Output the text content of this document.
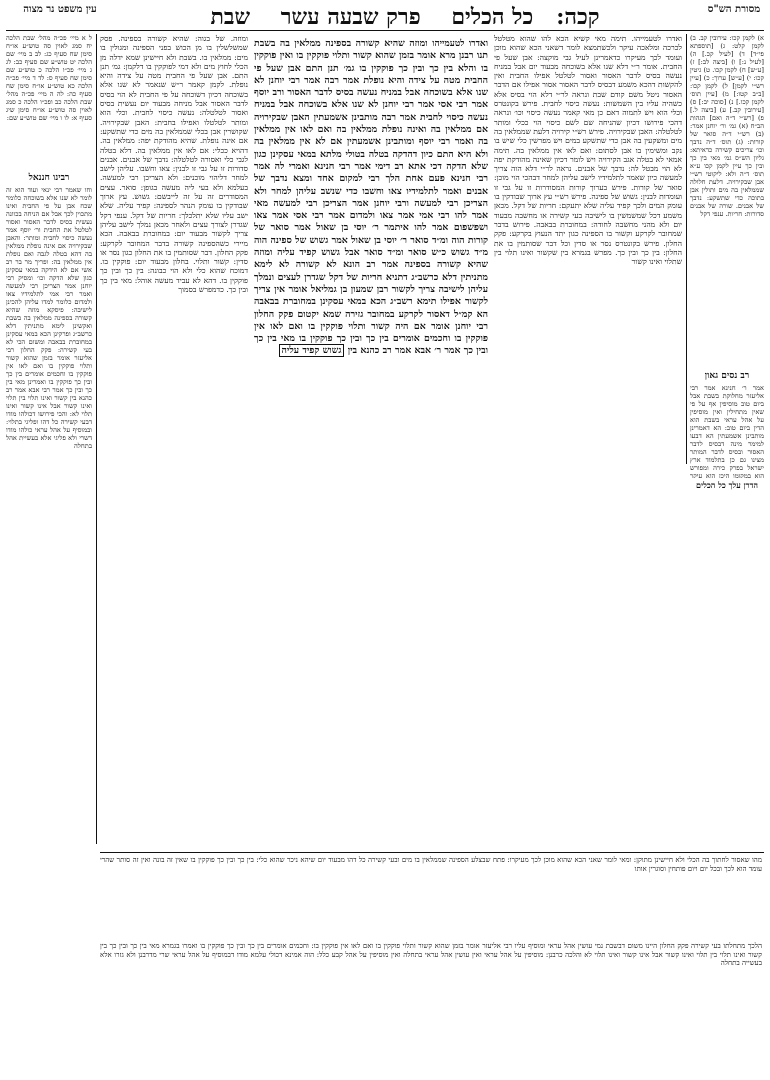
מסורת הש"ס
קכה:   כל הכלים    פרק שבעה עשר    שבת
עין משפט נר מצוה
א) לקמן קכו: עירובין קב. ב) לקמן קלט: ג) [תוספתא פי״ד] ד) [לעיל קכ.] ה) [לעיל נ:] ו) [ביצה לב:] ז) [ע״ש] ח) לקמן קכו. ט) גיטין קכו: י) [ע״ש] ערוך: כ) [עיין רש״י לקמן] ל) לקמן קכו: [ב״ב קטו:] מ) [עיין תוס׳ לקמן קכו.] נ) [סוכה יב:] ס) [עירובין קב.] ע) [ביצה ל.] פ) [רש״י ד״ה ואם] הגהות הב״ח (א) גמ׳ ור׳ יוחנן אמר: (ב) רש״י ד״ה סואר של קורות: (ג) תוס׳ ד״ה נדבך וכו׳ צריכים קשירה כדאיתא: גליון הש״ס גמ׳ מאי בין כך ובין כך עיין לקמן קכו ע״א תוס׳ ד״ה ולא: ליקוטי רש״י אבן שבקירויה. דלעת חלולה שממלאין בה מים ותולין אבן בתוכה כדי שתשקע: נדבך של אבנים. שורה של אבנים סדורות: חריות. ענפי דקל
רב נסים גאון
אמר ר׳ חנינא אמר רבי אליעזר מחלוקת בשבת אבל ביום טוב מוסיפין אף על פי שאין מתחילין ואין מוסיפין על אהל עראי בשבת הוא הדין ביום טוב: הא דאמרינן מותבינן אשמעתין הא דבעו למימר מינה דבסיס לדבר האסור ובסיס לדבר המותר מצינו גם כן בתלמוד ארץ ישראל בפרק כירה ומפורש הוא במקומו היכן הוא עיקר
ואדרו לטעמייהו. תימה מאי קשיא הכא להו שהוא מטלטל לכרכה ומלאכה עיקר ולכשתמצא לומר דשאני הכא שהוא מוכן ועומד לכך מעיקרו כדאמרינן לעיל גבי מוקצה: אבן שעל פי החבית. אומר ר״י דלא שנו אלא בשוכחה מבעוד יום אבל במניח נעשה בסיס לדבר האסור ואסור לטלטל אפילו החבית ואין להקשות דהכא משמע דבסיס לדבר האסור אסור אפילו אם הדבר האסור ניטל משם קודם שבת ונראה לר״י דלא הוי בסיס אלא כשהיה עליו בין השמשות: נעשה כיסוי לחבית. פירש בקונטרס וכלי הוא ויש לתמוה דאם כן מאי קאמר נעשה כיסוי וכו׳ ונראה דהכי פירושו דכיון שהניחה שם לשם כיסוי הוי ככלי ומותר לטלטלה: האבן שבקירויה. פירש רש״י קירויה דלעת שממלאין בה מים ומשקעין בה אבן כדי שתשקע במים ויש מפרשין כלי שיש בו נקב ומשימין בו אבן לסתום: ואם לאו אין ממלאין בה. תימה אמאי לא בטלה אגב הקירויה ויש לומר דכיון שאינה מהודקת יפה לא הוי מבטל לה: נדבך של אבנים. נראה לר״י דלא הוה צריך למעשה כיון שאמר לתלמידיו לישב עליהן למחר דבהכי הוי מוכן: סואר של קורות. פירש בערוך קורות המסודרות זו על גבי זו ועומדות לבנין: גשוש של ספינה. פירש רש״י עץ ארוך שבודקין בו עומק המים ולכך קפיד עליה שלא יתעקם: חריות של דקל. מכאן משמע דכל שמשמשין בו לישיבה בעי קשירה או מחשבה מבעוד יום ולא מהני מחשבה לחודה: במחוברת בבאבה. פירוש בדבר שמחובר לקרקע וקשור בו הספינה כגון יתד הנעוץ בקרקע: פקק החלון. פירש בקונטרס נסר או סדין וכל דבר שסותמין בו את החלון: בין כך ובין כך. מפרש בגמרא בין שקשור ואינו תלוי בין שתלוי ואינו קשור
ואדרו לטעמייהו ומוזה שהיא קשורה בספינה ממלאין בה בשבת תנו רבנן מרא אומר בזמן שהוא קשור ותלוי פוקקין בו ואין פוקקין בו והלא בין כך ובין כך פוקקין בו גמ׳ תנן התם אבן שעל פי החבית מטה על צידה והיא נופלת אמר רבה אמר רבי יוחנן לא שנו אלא בשוכחה אבל במניח נעשה בסיס לדבר האסור ורב יוסף אמר רבי אסי אמר רבי יוחנן לא שנו אלא בשוכחה אבל במניח נעשה כיסוי לחבית אמר רבה מותבינן אשמעתין האבן שבקירויה אם ממלאין בה ואינה נופלת ממלאין בה ואם לאו אין ממלאין בה ואמר רבי יוסף ומותבינן אשמעתין אם לא אין ממלאין בה ולא היא התם כיון דהדקה בטלה בטולי מלתא במאי עסקינן כגון שלא הדקה דכי אתא רב דימי אמר רבי חנינא ואמרי לה אמר רבי חנינא פעם אחת הלך רבי למקום אחד ומצא נדבך של אבנים ואמר לתלמידיו צאו וחשבו כדי שנשב עליהן למחר ולא הצריכן רבי למעשה ורבי יוחנן אמר הצריכן רבי למעשה מאי אמר להו רבי אמי אמר צאו ולמדום אמר רבי אסי אמר צאו ושפשפום אמר להו איתמר ר׳ יוסי בן שאול אמר סואר של קורות הוה ומ״ד סואר ר׳ יוסי בן שאול אמר גשוש של ספינה הוה מ״ד גשוש כ״ש סואר ומ״ד סואר אבל גשוש קפיד עליה ומוזה שהיא קשורה בספינה אמר רב הונא לא קשורה לא לימא מתניתין דלא כרשב״ג דתניא חריות של דקל שגדרן לעצים ונמלך עליהן לישיבה צריך לקשור רבן שמעון בן גמליאל אומר אין צריך לקשור אפילו תימא רשב״ג הכא במאי עסקינן במחוברת בבאבה הא קמ״ל דאסור לקרקע במחובר גזירה שמא יקטום פקק החלון רבי יוחנן אומר אם היה קשור ותלוי פוקקין בו ואם לאו אין פוקקין בו וחכמים אומרים בין כך ובין כך פוקקין בו מאי בין כך ובין כך אמר ר׳ אבא אמר רב כהנא בין גשוש קפיד עליה
ומוזה. של בגוה: שהיא קשורה בספינה. פסק שמשלשלין בו מן הכוש בפני הספינה ומגולין בו מים: ממלאין בו. בשבת ולא חיישינן שמא ידלה מן הכלי לחוץ מים ולא דמי לפוקקין בו דלקמן: גמ׳ תנן התם. אבן שעל פי החבית מטה על צידה והיא נופלת. לקמן קאמר ר״ש שנאמר לא שנו אלא בשוכחה דכיון דשוכחה על פי החבית לא הוי בסיס לדבר האסור אבל מניחה מבעוד יום נעשית בסיס ואסור לטלטלה: נעשה כיסוי לחבית. וכלי הוא ומותר לטלטלו ואפילו בחבית: האבן שבקירויה. שקושרין אבן בכלי שממלאין בה מים כדי שתשקע: אם אינה נופלת. שהיא מהודקת יפה: ממלאין בה. דהויא ככלי: אם לאו אין ממלאין בה. דלא בטלה לגבי כלי ואסורה לטלטלה: נדבך של אבנים. אבנים סדורות זו על גבי זו לבנין: צאו וחשבו. עליהן לישב למחר דליהוי מוכנים: ולא הצריכן רבי למעשה. בעלמא ולא בעי ליה מעשה בגופן: סואר. עצים המסודרים זה על זה לייבשם: גשוש. עץ ארוך שבודקין בו עומק הנהר לספינה: קפיד עליה. שלא ישב עליו שלא יתלכלך: חריות של דקל. ענפי דקל שגדרן לצורך עצים ולאחר מכאן נמלך לישב עליהן צריך לקשור מבעוד יום: במחוברת בבאבה. הכא מיירי כשהספינה קשורה בדבר המחובר לקרקע: פקק החלון. דבר שסותמין בו את החלון כגון נסר או סדין: קשור ותלוי. בחלון מבעוד יום: פוקקין בו. דמוכח שהוא כלי ולא הוי כבונה: בין כך ובין כך פוקקין בו. דהא לא עביד מעשה אוהל: מאי בין כך ובין כך. כדמפרש בסמוך
ל א מיי׳ פכ״ה מהל׳ שבת הלכה יח סמג לאוין סה טוש״ע או״ח סימן שח סעיף כג: לב ב מיי׳ שם הלכה יט טוש״ע שם סעיף כב: לג ג מיי׳ פכ״ו הלכה כ טוש״ע שם סימן שח סעיף ס: לד ד מיי׳ פכ״ה הלכה כא טוש״ע או״ח סימן שח סעיף כה: לה ה מיי׳ פכ״ה מהל׳ שבת הלכה כב ופכ״ו הלכה כ סמג לאוין סה טוש״ע או״ח סימן שיג סעיף א: לו ו מיי׳ שם טוש״ע שם:
רבינו חננאל
וחו שאמר רבי ינאי ועוד הוא זה לומר לא שנו אלא בשוכחה כלומר שכח אבן על פי החבית ואינו מתכוין לכך אבל אם הניחה בכוונה נעשית בסיס לדבר האסור ואסור לטלטל את החבית ור׳ יוסף אמר נעשה כיסוי לחבית ומותר: והאבן שבקירויה אם אינה נופלת ממלאין בה דהא בטלה לגבה ואם נופלת אין ממלאין בה: ופריך מר בר רב אשי אם לא הידקה במאי עסקינן כגון שלא הדקה וכו׳ ומסיק רבי יוחנן אמר הצריכן רבי למעשה ואמר רבי אמי לתלמידיו צאו ולמדום כלומר למדו עליהן להכינן לישיבה: פיסקא מוזה שהיא קשורה בספינה ממלאין בה בשבת ואקשינן לימא מתניתין דלא כרשב״ג ופרקינן הכא במאי עסקינן במחוברת בבאבה ומשום הכי לא בעי קשירה: פקק החלון רבי אליעזר אומר בזמן שהוא קשור ותלוי פוקקין בו ואם לאו אין פוקקין בו וחכמים אומרים בין כך ובין כך פוקקין בו ואמרינן מאי בין כך ובין כך אמר רבי אבא אמר רב כהנא בין קשור ואינו תלוי בין תלוי ואינו קשור אבל אינו קשור ואינו תלוי לא: והכי פירושו דכולהו מודו דבעי קשירה כל דהו ופליגי בתלוי: ובמוסיף על אהל עראי כולהו מודו דשרי ולא פליגי אלא בעשיית אהל בתחלה
הדרן עלך כל הכלים
מהו שאסור לחתוך בה הכלי ולא חיישינן מתוקן: ומאי לומר שאני הכא שהוא מוכן לכך מעיקרו: פתח שבצלע הספינה שממלאין בו מים ובעי קשירה כל דהו מבעוד יום שיהא ניכר שהוא כלי: בין כך ובין כך פוקקין בו שאין זה בונה ואין זה סותר שהרי עומד הוא לכך ובכל יום ויום פותחין וסוגרין אותו
הלכך מתחלתו בעי קשירה פקק החלון היינו משום דבשבת נמי עושין אהל עראי ומוסיף עליו רבי אליעזר אומר בזמן שהוא קשור ותלוי פוקקין בו ואם לאו אין פוקקין בו: וחכמים אומרים בין כך ובין כך פוקקין בו ואמרו בגמרא מאי בין כך ובין כך בין קשור ואינו תלוי בין תלוי ואינו קשור אבל אינו קשור ואינו תלוי לא והלכה כרבנן: מוסיפין על אהל עראי ואין עושין אהל עראי בתחלה ואין מוסיפין על אהל קבע כלל: הוה אמינא דכולי עלמא מודו דבמוסיף על אהל עראי שרי מדרבנן ולא גזרו אלא בעשייה בתחלה
